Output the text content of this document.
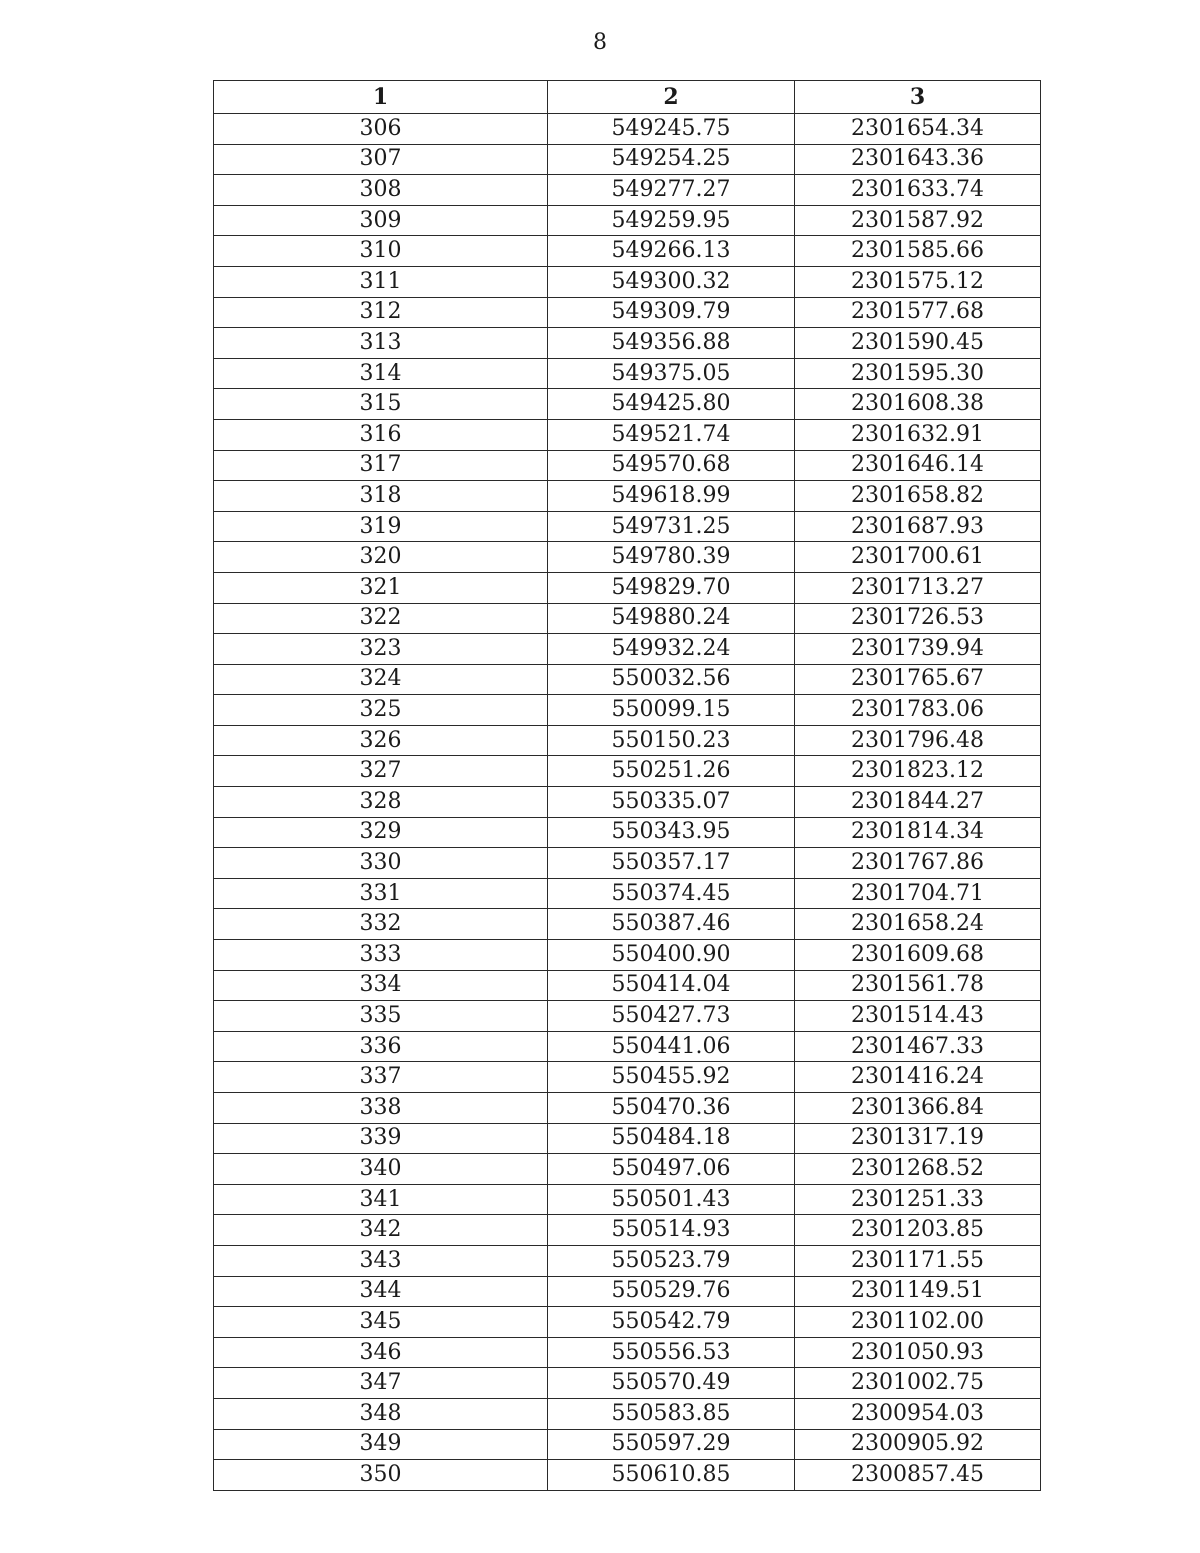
8
1	2	3
306	549245.75	2301654.34
307	549254.25	2301643.36
308	549277.27	2301633.74
309	549259.95	2301587.92
310	549266.13	2301585.66
311	549300.32	2301575.12
312	549309.79	2301577.68
313	549356.88	2301590.45
314	549375.05	2301595.30
315	549425.80	2301608.38
316	549521.74	2301632.91
317	549570.68	2301646.14
318	549618.99	2301658.82
319	549731.25	2301687.93
320	549780.39	2301700.61
321	549829.70	2301713.27
322	549880.24	2301726.53
323	549932.24	2301739.94
324	550032.56	2301765.67
325	550099.15	2301783.06
326	550150.23	2301796.48
327	550251.26	2301823.12
328	550335.07	2301844.27
329	550343.95	2301814.34
330	550357.17	2301767.86
331	550374.45	2301704.71
332	550387.46	2301658.24
333	550400.90	2301609.68
334	550414.04	2301561.78
335	550427.73	2301514.43
336	550441.06	2301467.33
337	550455.92	2301416.24
338	550470.36	2301366.84
339	550484.18	2301317.19
340	550497.06	2301268.52
341	550501.43	2301251.33
342	550514.93	2301203.85
343	550523.79	2301171.55
344	550529.76	2301149.51
345	550542.79	2301102.00
346	550556.53	2301050.93
347	550570.49	2301002.75
348	550583.85	2300954.03
349	550597.29	2300905.92
350	550610.85	2300857.45
